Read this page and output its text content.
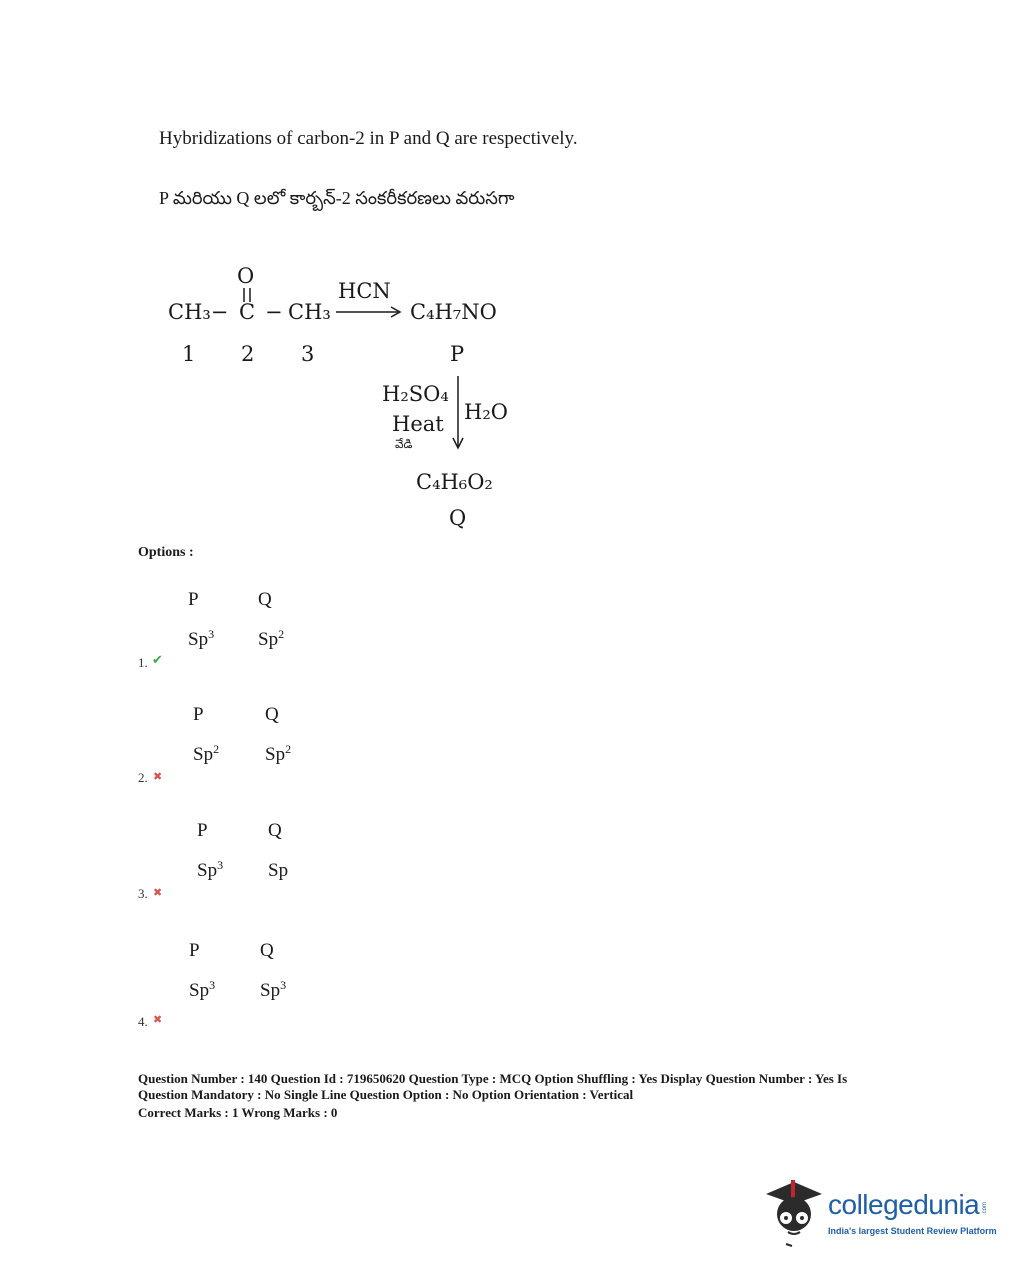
Hybridizations of carbon-2 in P and Q are respectively.
P మరియు Q లలో కార్బన్-2 సంకరీకరణలు వరుసగా
CH₃−
O
C − CH₃
HCN
C₄H₇NO
1 2 3	P
H₂SO₄
Heat
వేడి
H₂O
C₄H₆O₂
Q
Options :
P	Q
Sp$^3$ Sp$^2$
1. ✔
P	Q
Sp$^2$ Sp$^2$
2. ✖
P	Q
Sp$^3$ Sp
3. ✖
P	Q
Sp$^3$ Sp$^3$
4. ✖
Question Number : 140 Question Id : 719650620 Question Type : MCQ Option Shuffling : Yes Display Question Number : Yes Is
Question Mandatory : No Single Line Question Option : No Option Orientation : Vertical
Correct Marks : 1 Wrong Marks : 0
collegedunia .com
India's largest Student Review Platform
